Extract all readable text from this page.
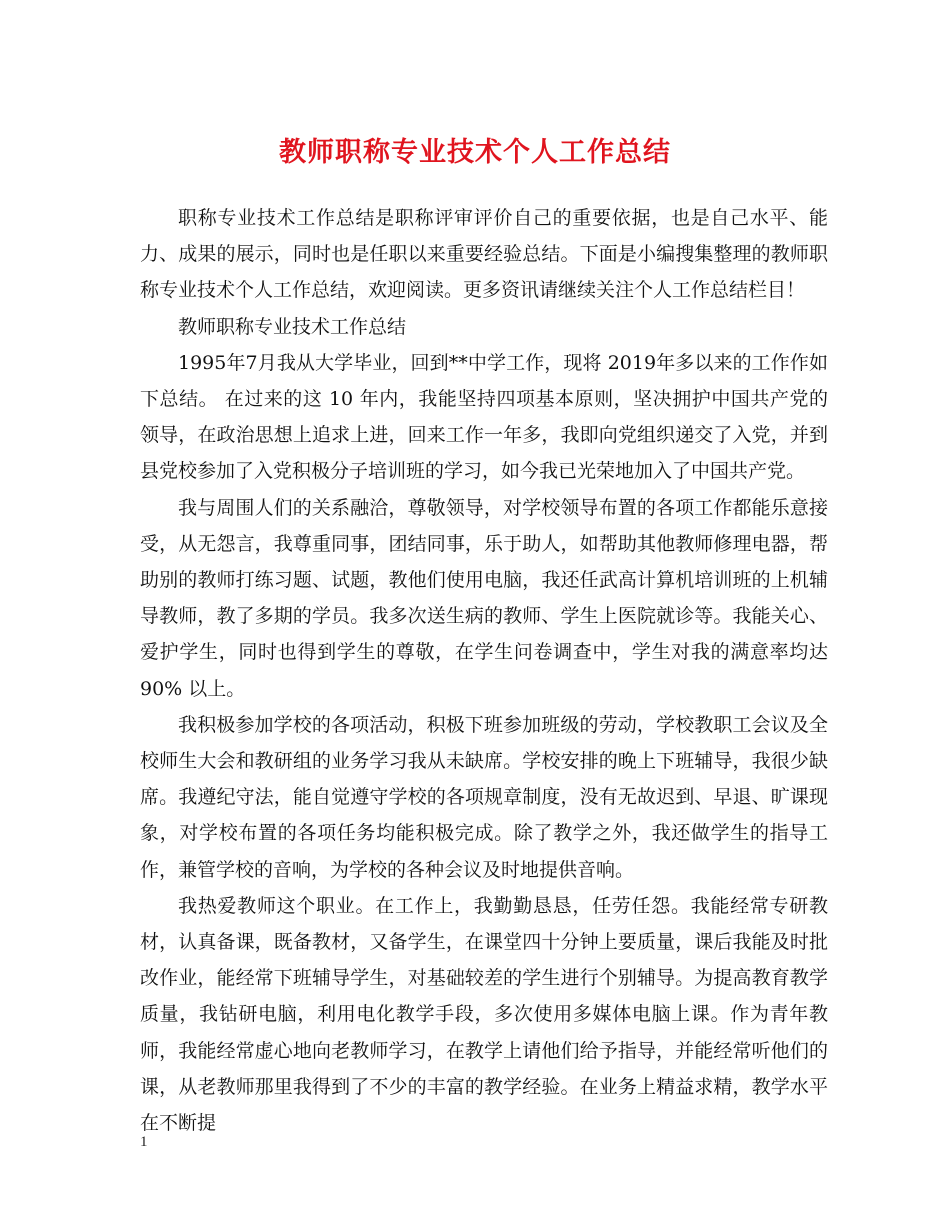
教师职称专业技术个人工作总结

职称专业技术工作总结是职称评审评价自己的重要依据，也是自己水平、能力、成果的展示，同时也是任职以来重要经验总结。下面是小编搜集整理的教师职称专业技术个人工作总结，欢迎阅读。更多资讯请继续关注个人工作总结栏目！

教师职称专业技术工作总结

1995年7月我从大学毕业，回到**中学工作，现将 2019年多以来的工作作如下总结。 在过来的这 10 年内，我能坚持四项基本原则，坚决拥护中国共产党的领导，在政治思想上追求上进，回来工作一年多，我即向党组织递交了入党，并到县党校参加了入党积极分子培训班的学习，如今我已光荣地加入了中国共产党。

我与周围人们的关系融洽，尊敬领导，对学校领导布置的各项工作都能乐意接受，从无怨言，我尊重同事，团结同事，乐于助人，如帮助其他教师修理电器，帮助别的教师打练习题、试题，教他们使用电脑，我还任武高计算机培训班的上机辅导教师，教了多期的学员。我多次送生病的教师、学生上医院就诊等。我能关心、爱护学生，同时也得到学生的尊敬，在学生问卷调查中，学生对我的满意率均达 90% 以上。

我积极参加学校的各项活动，积极下班参加班级的劳动，学校教职工会议及全校师生大会和教研组的业务学习我从未缺席。学校安排的晚上下班辅导，我很少缺席。我遵纪守法，能自觉遵守学校的各项规章制度，没有无故迟到、早退、旷课现象，对学校布置的各项任务均能积极完成。除了教学之外，我还做学生的指导工作，兼管学校的音响，为学校的各种会议及时地提供音响。

我热爱教师这个职业。在工作上，我勤勤恳恳，任劳任怨。我能经常专研教材，认真备课，既备教材，又备学生，在课堂四十分钟上要质量，课后我能及时批改作业，能经常下班辅导学生，对基础较差的学生进行个别辅导。为提高教育教学质量，我钻研电脑，利用电化教学手段，多次使用多媒体电脑上课。作为青年教师，我能经常虚心地向老教师学习，在教学上请他们给予指导，并能经常听他们的课，从老教师那里我得到了不少的丰富的教学经验。在业务上精益求精，教学水平在不断提

1
